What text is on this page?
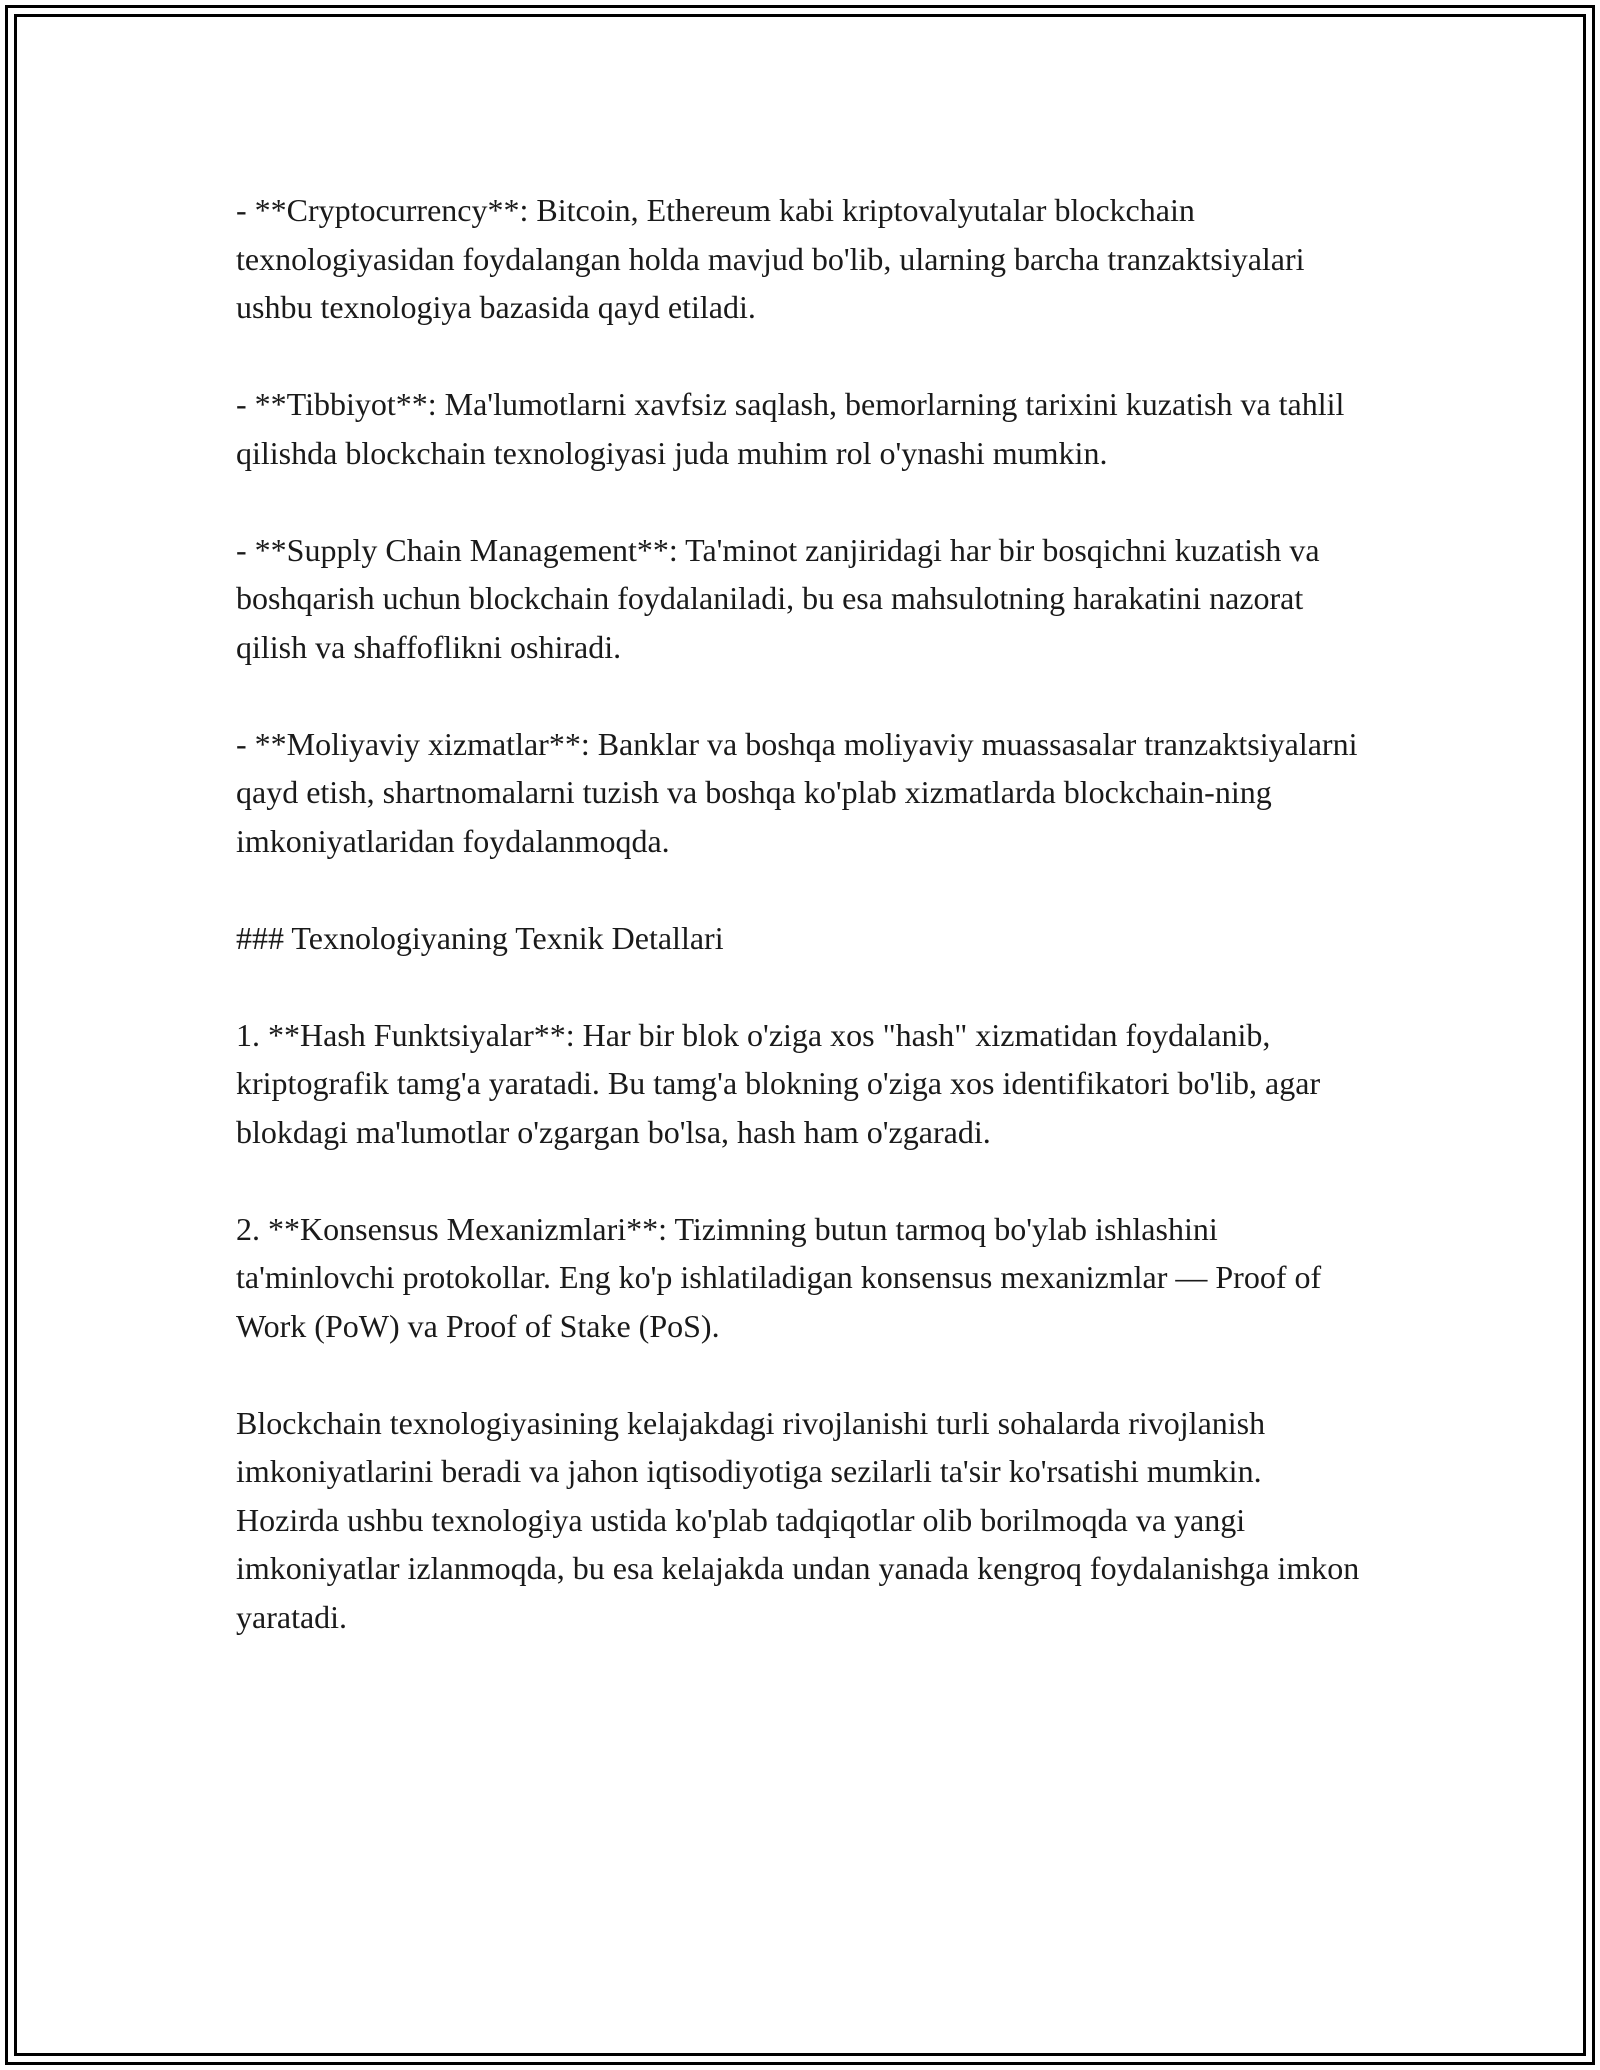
- **Cryptocurrency**: Bitcoin, Ethereum kabi kriptovalyutalar blockchain texnologiyasidan foydalangan holda mavjud bo'lib, ularning barcha tranzaktsiyalari ushbu texnologiya bazasida qayd etiladi.

- **Tibbiyot**: Ma'lumotlarni xavfsiz saqlash, bemorlarning tarixini kuzatish va tahlil qilishda blockchain texnologiyasi juda muhim rol o'ynashi mumkin.

- **Supply Chain Management**: Ta'minot zanjiridagi har bir bosqichni kuzatish va boshqarish uchun blockchain foydalaniladi, bu esa mahsulotning harakatini nazorat qilish va shaffoflikni oshiradi.

- **Moliyaviy xizmatlar**: Banklar va boshqa moliyaviy muassasalar tranzaktsiyalarni qayd etish, shartnomalarni tuzish va boshqa ko'plab xizmatlarda blockchain-ning imkoniyatlaridan foydalanmoqda.

### Texnologiyaning Texnik Detallari

1. **Hash Funktsiyalar**: Har bir blok o'ziga xos "hash" xizmatidan foydalanib, kriptografik tamg'a yaratadi. Bu tamg'a blokning o'ziga xos identifikatori bo'lib, agar blokdagi ma'lumotlar o'zgargan bo'lsa, hash ham o'zgaradi.

2. **Konsensus Mexanizmlari**: Tizimning butun tarmoq bo'ylab ishlashini ta'minlovchi protokollar. Eng ko'p ishlatiladigan konsensus mexanizmlar — Proof of Work (PoW) va Proof of Stake (PoS).

Blockchain texnologiyasining kelajakdagi rivojlanishi turli sohalarda rivojlanish imkoniyatlarini beradi va jahon iqtisodiyotiga sezilarli ta'sir ko'rsatishi mumkin. Hozirda ushbu texnologiya ustida ko'plab tadqiqotlar olib borilmoqda va yangi imkoniyatlar izlanmoqda, bu esa kelajakda undan yanada kengroq foydalanishga imkon yaratadi.
